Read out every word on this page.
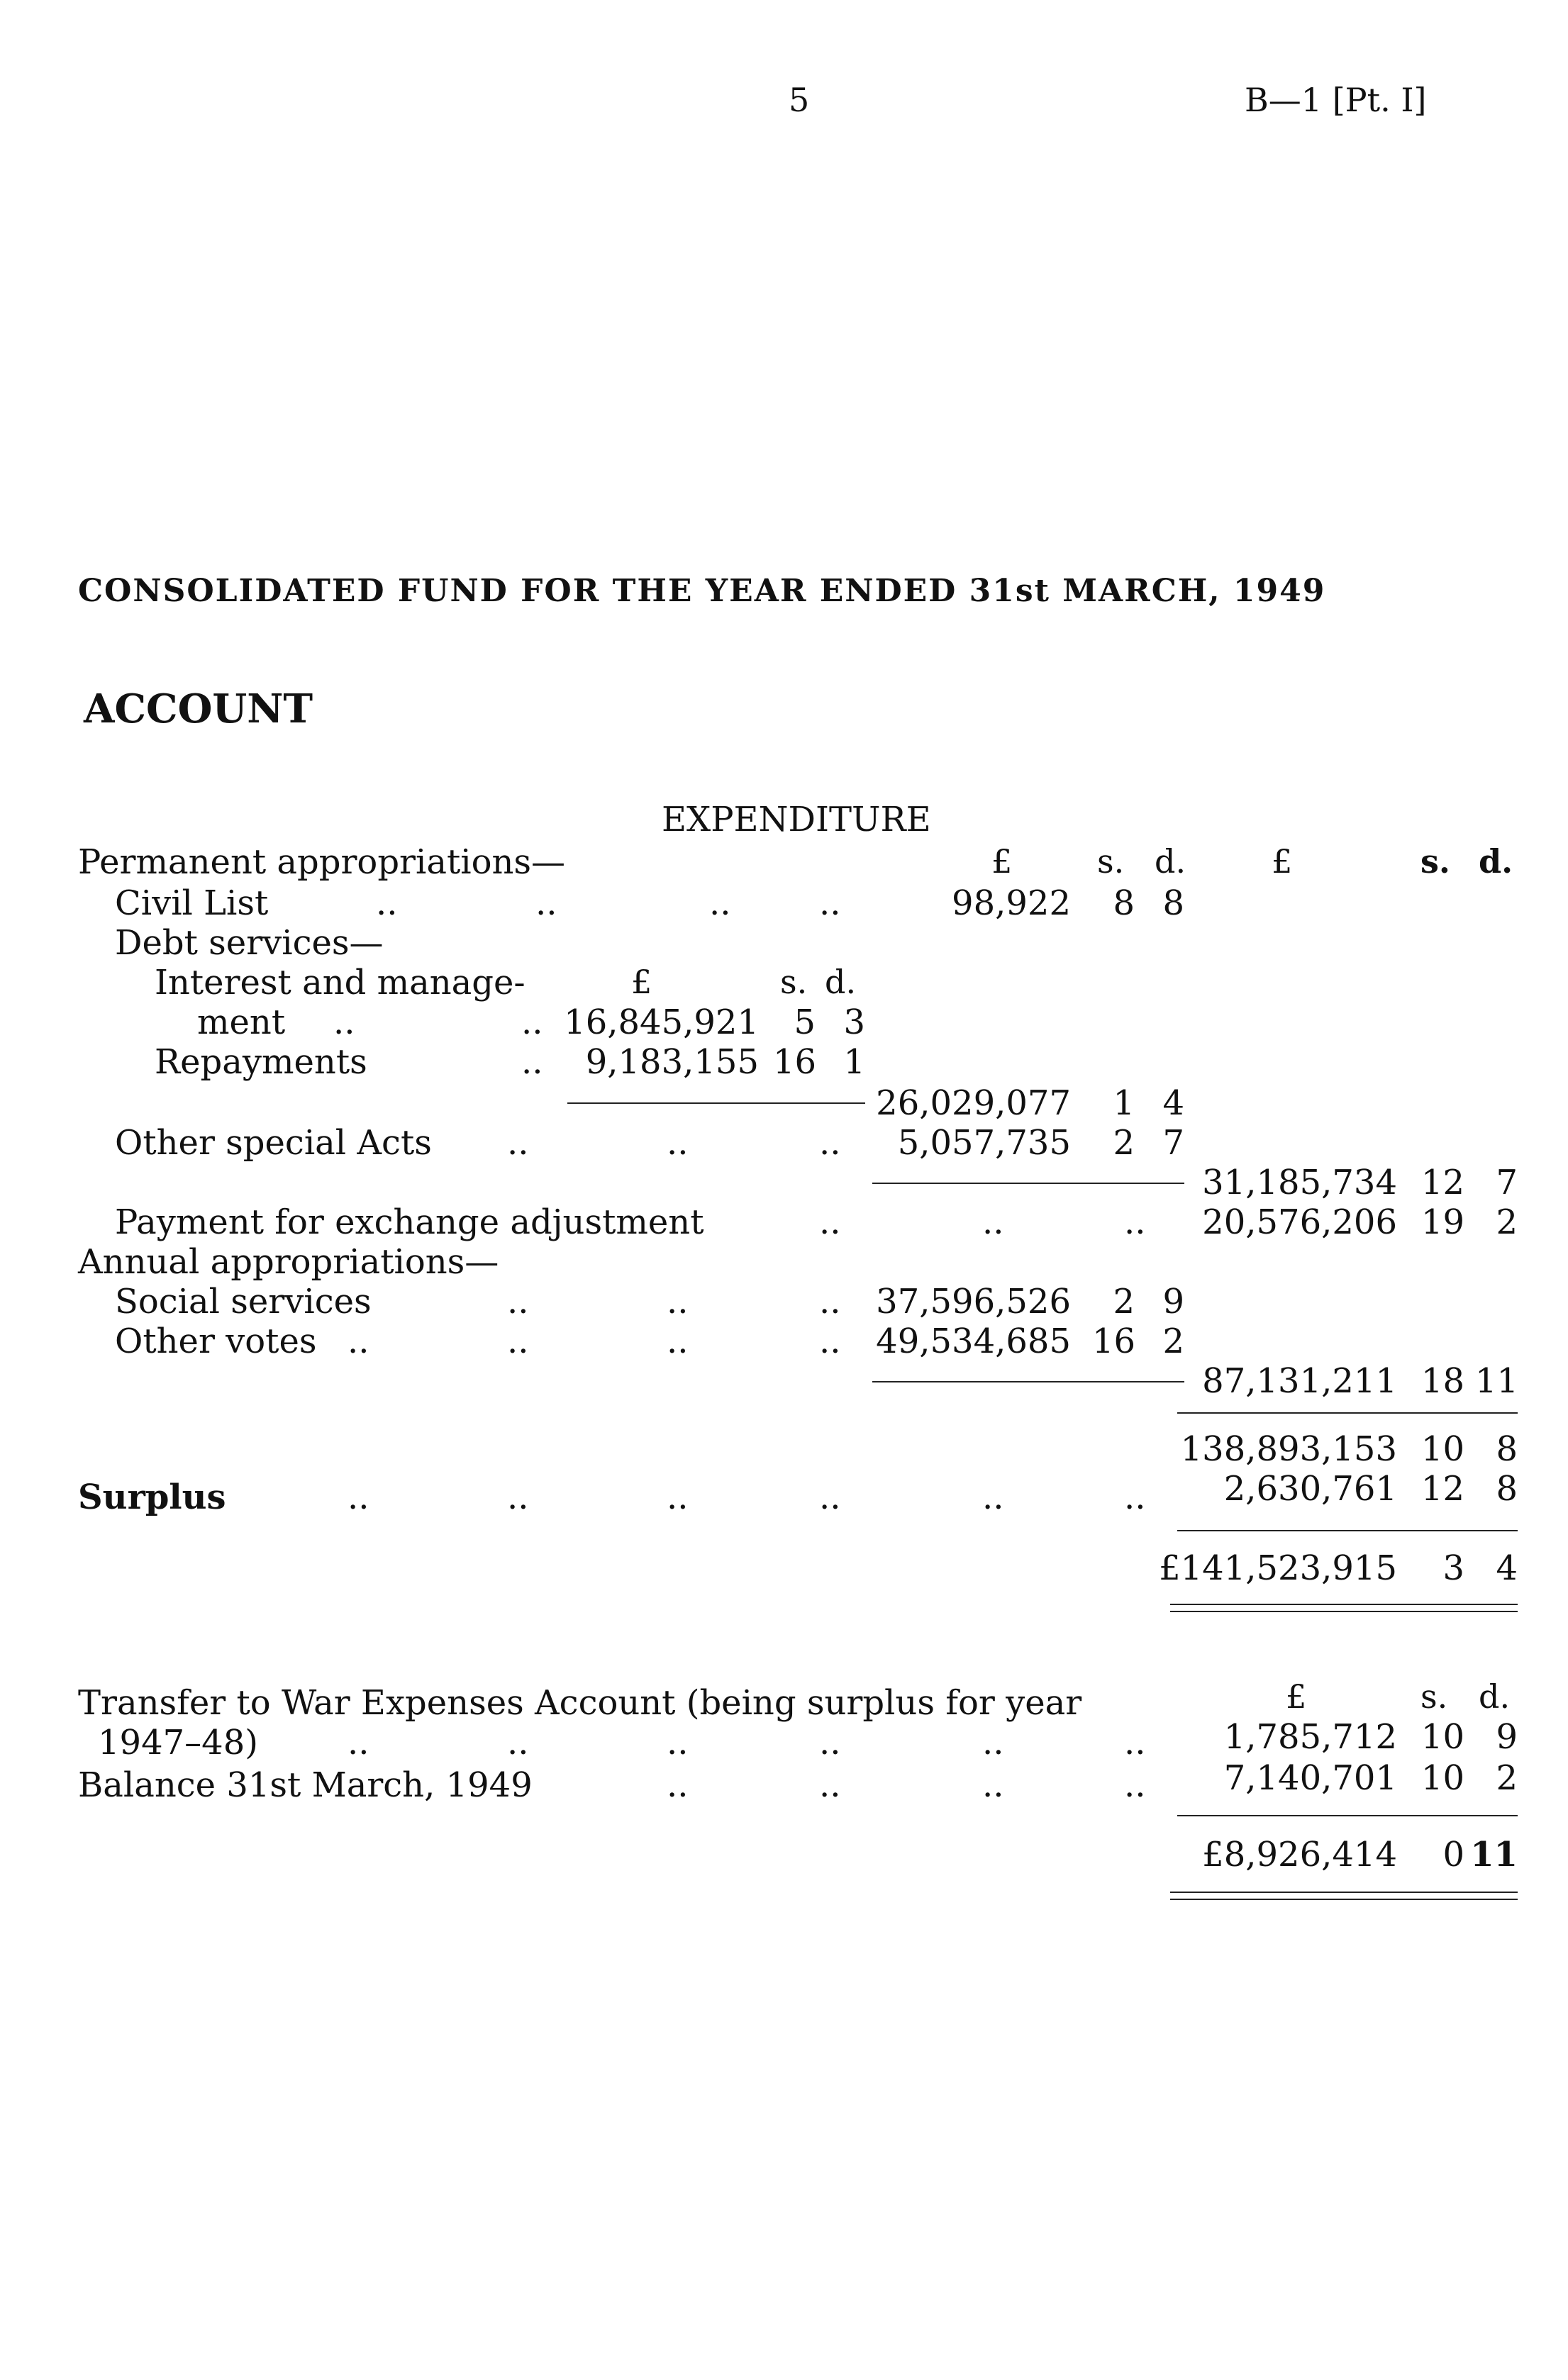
5	B—1 [Pt. I]
CONSOLIDATED FUND FOR THE YEAR ENDED 31st MARCH, 1949
ACCOUNT
EXPENDITURE
£	s. d.	£	s. d.
Permanent appropriations—
Civil List	..	..	..	..	98,922	8 8
Debt services—
Interest and manage-	£	s. d.
ment ..	.. 16,845,921	5 3
Repayments	..	9,183,155 16 1
26,029,077	1 4
Other special Acts ..	..	..	5,057,735	2 7
31,185,734 12 7
Payment for exchange adjustment	..	..	..	20,576,206 19 2
Annual appropriations—
Social services	..	..	..	37,596,526	2 9
Other votes ..	..	..	..	49,534,685 16 2
87,131,211 18 11
138,893,153 10 8
Surplus	..	..	..	..	..	..	2,630,761 12 8
£141,523,915	3 4
£	s. d.
Transfer to War Expenses Account (being surplus for year
1947–48)	..	..	..	..	..	..	1,785,712 10 9
Balance 31st March, 1949	..	..	..	..	7,140,701 10 2
£8,926,414	0 11
